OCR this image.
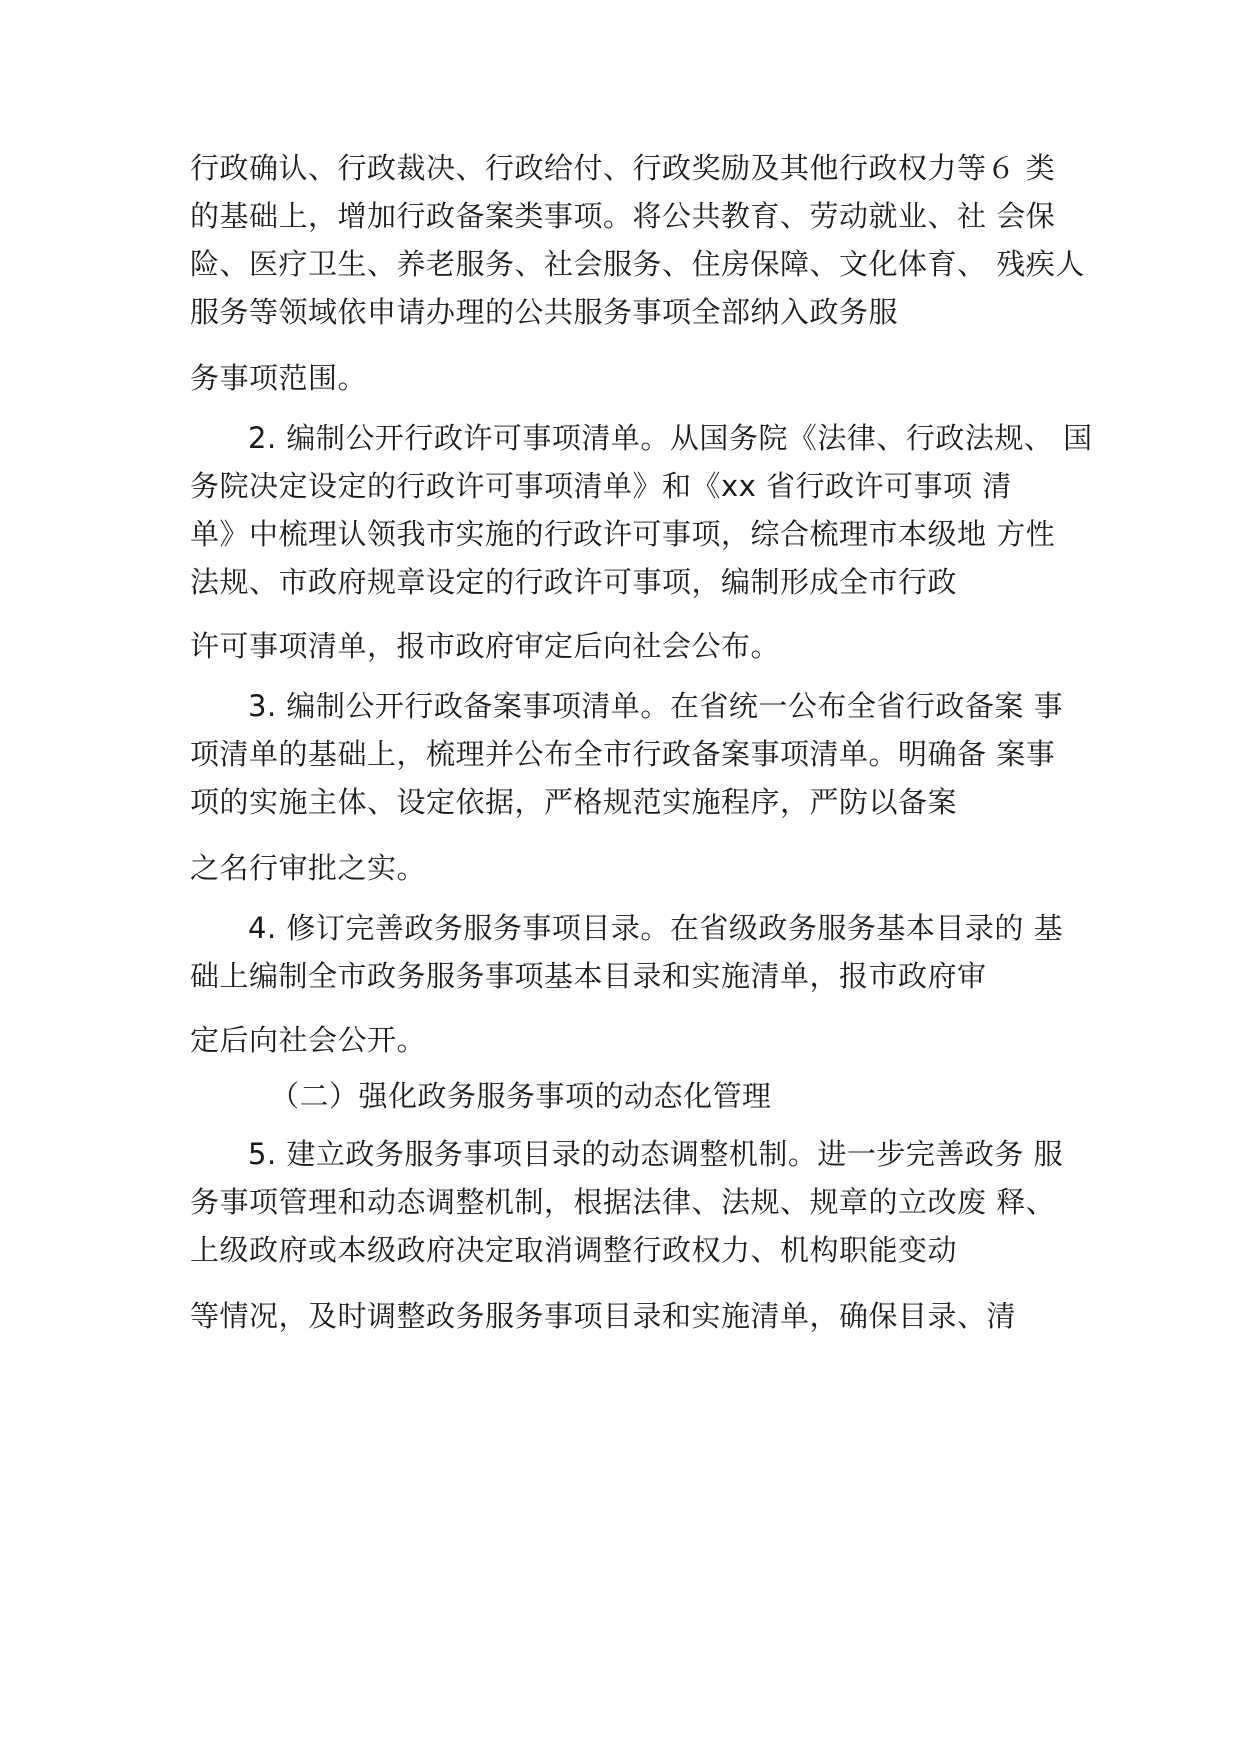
行政确认、行政裁决、行政给付、行政奖励及其他行政权力等６ 类
的基础上，增加行政备案类事项。将公共教育、劳动就业、社 会保
险、医疗卫生、养老服务、社会服务、住房保障、文化体育、 残疾人
服务等领域依申请办理的公共服务事项全部纳入政务服
务事项范围。
2. 编制公开行政许可事项清单。从国务院《法律、行政法规、 国
务院决定设定的行政许可事项清单》和《xx 省行政许可事项 清
单》中梳理认领我市实施的行政许可事项，综合梳理市本级地 方性
法规、市政府规章设定的行政许可事项，编制形成全市行政
许可事项清单，报市政府审定后向社会公布。
3. 编制公开行政备案事项清单。在省统一公布全省行政备案 事
项清单的基础上，梳理并公布全市行政备案事项清单。明确备 案事
项的实施主体、设定依据，严格规范实施程序，严防以备案
之名行审批之实。
4. 修订完善政务服务事项目录。在省级政务服务基本目录的 基
础上编制全市政务服务事项基本目录和实施清单，报市政府审
定后向社会公开。
（二）强化政务服务事项的动态化管理
5. 建立政务服务事项目录的动态调整机制。进一步完善政务 服
务事项管理和动态调整机制，根据法律、法规、规章的立改废 释、
上级政府或本级政府决定取消调整行政权力、机构职能变动
等情况，及时调整政务服务事项目录和实施清单，确保目录、清
